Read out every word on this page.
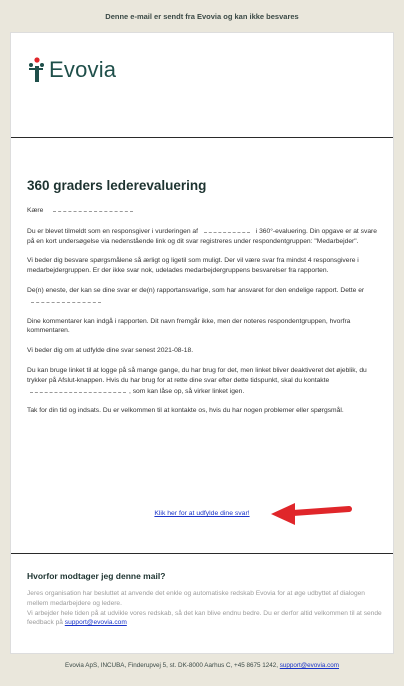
Denne e-mail er sendt fra Evovia og kan ikke besvares
Evovia
360 graders lederevaluering

Kære

Du er blevet tilmeldt som en responsgiver i vurderingen af	i 360°-evaluering. Din opgave er at svare på en kort undersøgelse via nedenstående link og dit svar registreres under respondentgruppen: "Medarbejder".

Vi beder dig besvare spørgsmålene så ærligt og ligetil som muligt. Der vil være svar fra mindst 4 responsgivere i medarbejdergruppen. Er der ikke svar nok, udelades medarbejdergruppens besvarelser fra rapporten.

De(n) eneste, der kan se dine svar er de(n) rapportansvarlige, som har ansvaret for den endelige rapport. Dette er

Dine kommentarer kan indgå i rapporten. Dit navn fremgår ikke, men der noteres respondentgruppen, hvorfra kommentaren.

Vi beder dig om at udfylde dine svar senest 2021-08-18.

Du kan bruge linket til at logge på så mange gange, du har brug for det, men linket bliver deaktiveret det øjeblik, du trykker på Afslut-knappen. Hvis du har brug for at rette dine svar efter dette tidspunkt, skal du kontakte , som kan låse op, så virker linket igen.

Tak for din tid og indsats. Du er velkommen til at kontakte os, hvis du har nogen problemer eller spørgsmål.

Klik her for at udfylde dine svar!
Hvorfor modtager jeg denne mail?

Jeres organisation har besluttet at anvende det enkle og automatiske redskab Evovia for at øge udbyttet af dialogen mellem medarbejdere og ledere.

Vi arbejder hele tiden på at udvikle vores redskab, så det kan blive endnu bedre. Du er derfor altid velkommen til at sende feedback på support@evovia.com

Evovia ApS, INCUBA, Finderupvej 5, st. DK-8000 Aarhus C, +45 8675 1242, support@evovia.com
